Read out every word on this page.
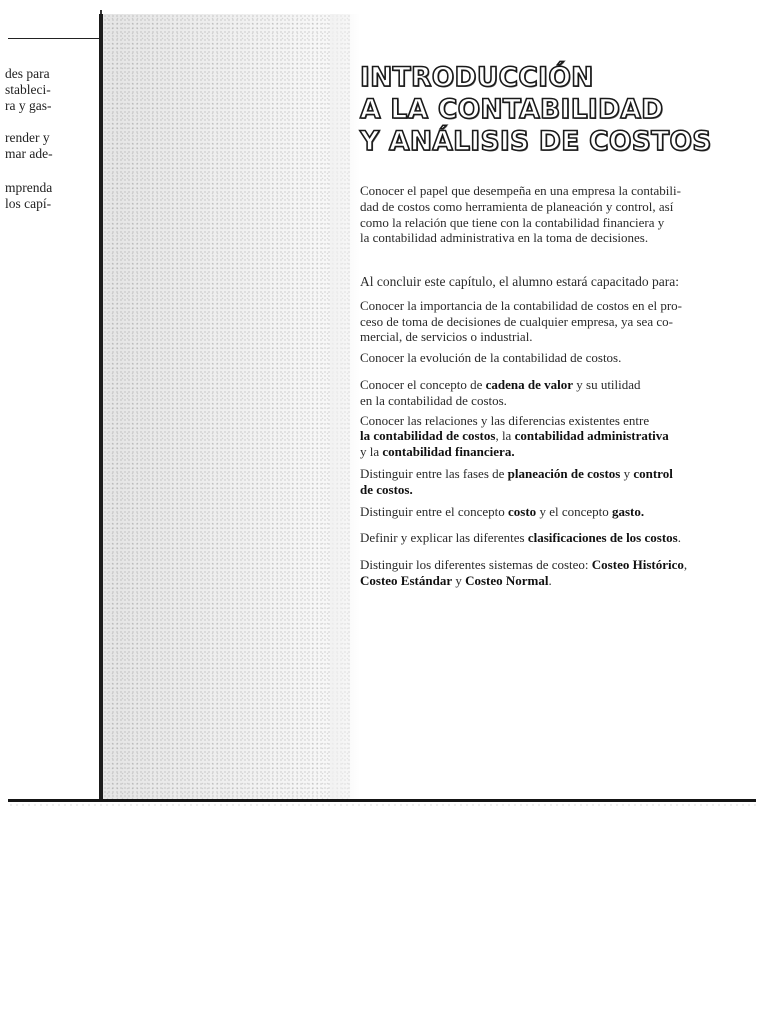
des para
stableci-
ra y gas-
render y
mar ade-
mprenda
los capí-
INTRODUCCIÓN
A LA CONTABILIDAD
Y ANÁLISIS DE COSTOS
Conocer el papel que desempeña en una empresa la contabili-
dad de costos como herramienta de planeación y control, así
como la relación que tiene con la contabilidad financiera y
la contabilidad administrativa en la toma de decisiones.

Al concluir este capítulo, el alumno estará capacitado para:

Conocer la importancia de la contabilidad de costos en el pro-
ceso de toma de decisiones de cualquier empresa, ya sea co-
mercial, de servicios o industrial.
Conocer la evolución de la contabilidad de costos.
Conocer el concepto de cadena de valor y su utilidad
en la contabilidad de costos.
Conocer las relaciones y las diferencias existentes entre
la contabilidad de costos, la contabilidad administrativa
y la contabilidad financiera.
Distinguir entre las fases de planeación de costos y control
de costos.
Distinguir entre el concepto costo y el concepto gasto.
Definir y explicar las diferentes clasificaciones de los costos.
Distinguir los diferentes sistemas de costeo: Costeo Histórico,
Costeo Estándar y Costeo Normal.
